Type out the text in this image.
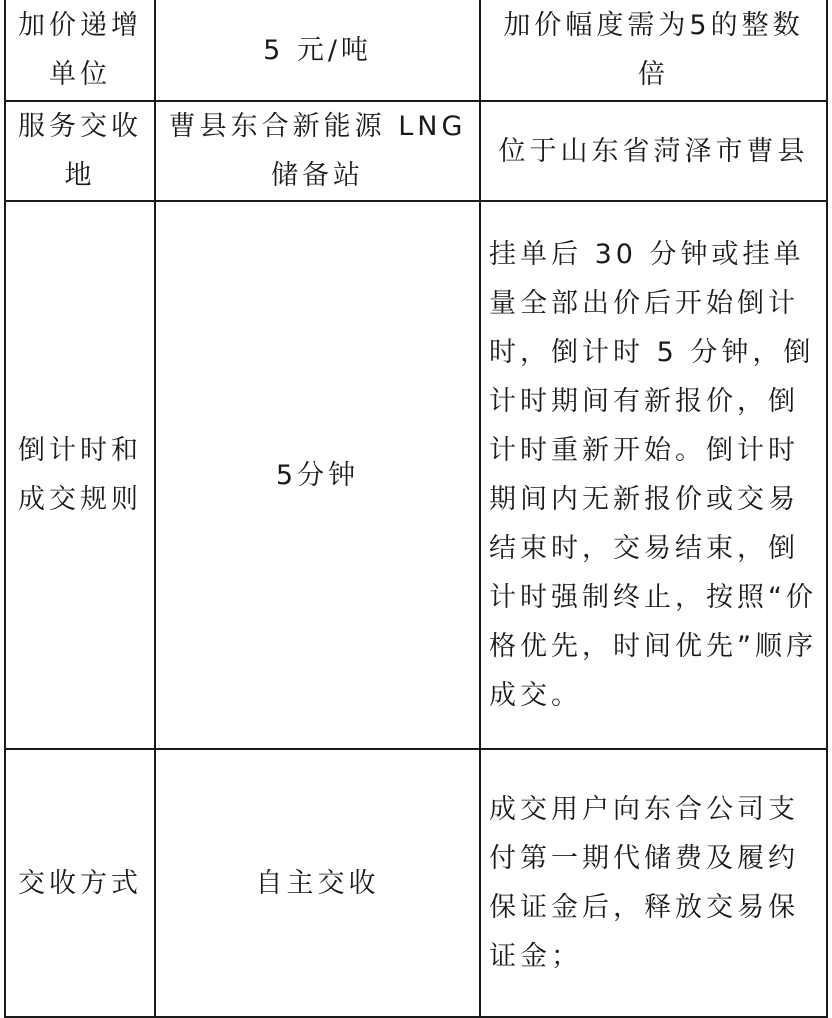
加价递增单位	5 元/吨	加价幅度需为5的整数倍
服务交收地	曹县东合新能源 LNG 储备站	位于山东省菏泽市曹县
倒计时和成交规则	5分钟	挂单后 30 分钟或挂单量全部出价后开始倒计时，倒计时 5 分钟，倒计时期间有新报价，倒计时重新开始。倒计时期间内无新报价或交易结束时，交易结束，倒计时强制终止，按照“价格优先，时间优先”顺序成交。
交收方式	自主交收	成交用户向东合公司支付第一期代储费及履约保证金后，释放交易保证金；
